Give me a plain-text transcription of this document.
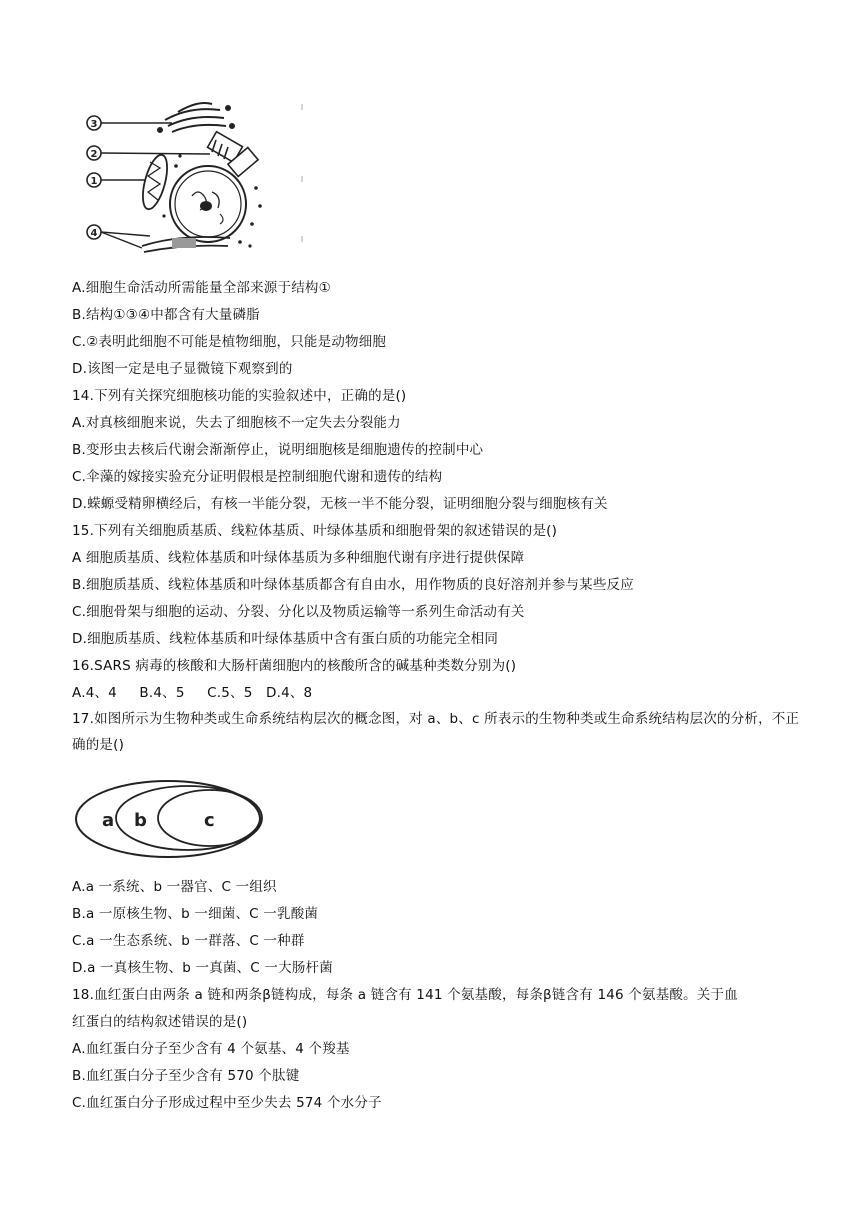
3
2
1
4
A.细胞生命活动所需能量全部来源于结构①
B.结构①③④中都含有大量磷脂
C.②表明此细胞不可能是植物细胞，只能是动物细胞
D.该图一定是电子显微镜下观察到的
14.下列有关探究细胞核功能的实验叙述中，正确的是()
A.对真核细胞来说，失去了细胞核不一定失去分裂能力
B.变形虫去核后代谢会渐渐停止，说明细胞核是细胞遗传的控制中心
C.伞藻的嫁接实验充分证明假根是控制细胞代谢和遗传的结构
D.蝾螈受精卵横经后，有核一半能分裂，无核一半不能分裂，证明细胞分裂与细胞核有关
15.下列有关细胞质基质、线粒体基质、叶绿体基质和细胞骨架的叙述错误的是()
A 细胞质基质、线粒体基质和叶绿体基质为多种细胞代谢有序进行提供保障
B.细胞质基质、线粒体基质和叶绿体基质都含有自由水，用作物质的良好溶剂并参与某些反应
C.细胞骨架与细胞的运动、分裂、分化以及物质运输等一系列生命活动有关
D.细胞质基质、线粒体基质和叶绿体基质中含有蛋白质的功能完全相同
16.SARS 病毒的核酸和大肠杆菌细胞内的核酸所含的碱基种类数分别为()
A.4、4     B.4、5     C.5、5   D.4、8
17.如图所示为生物种类或生命系统结构层次的概念图，对 a、b、c 所表示的生物种类或生命系统结构层次的分析，不正确的是()
a b	c
A.a 一系统、b 一器官、C 一组织
B.a 一原核生物、b 一细菌、C 一乳酸菌
C.a 一生态系统、b 一群落、C 一种群
D.a 一真核生物、b 一真菌、C 一大肠杆菌
18.血红蛋白由两条 a 链和两条β链构成，每条 a 链含有 141 个氨基酸，每条β链含有 146 个氨基酸。关于血
红蛋白的结构叙述错误的是()
A.血红蛋白分子至少含有 4 个氨基、4 个羧基
B.血红蛋白分子至少含有 570 个肽键
C.血红蛋白分子形成过程中至少失去 574 个水分子
